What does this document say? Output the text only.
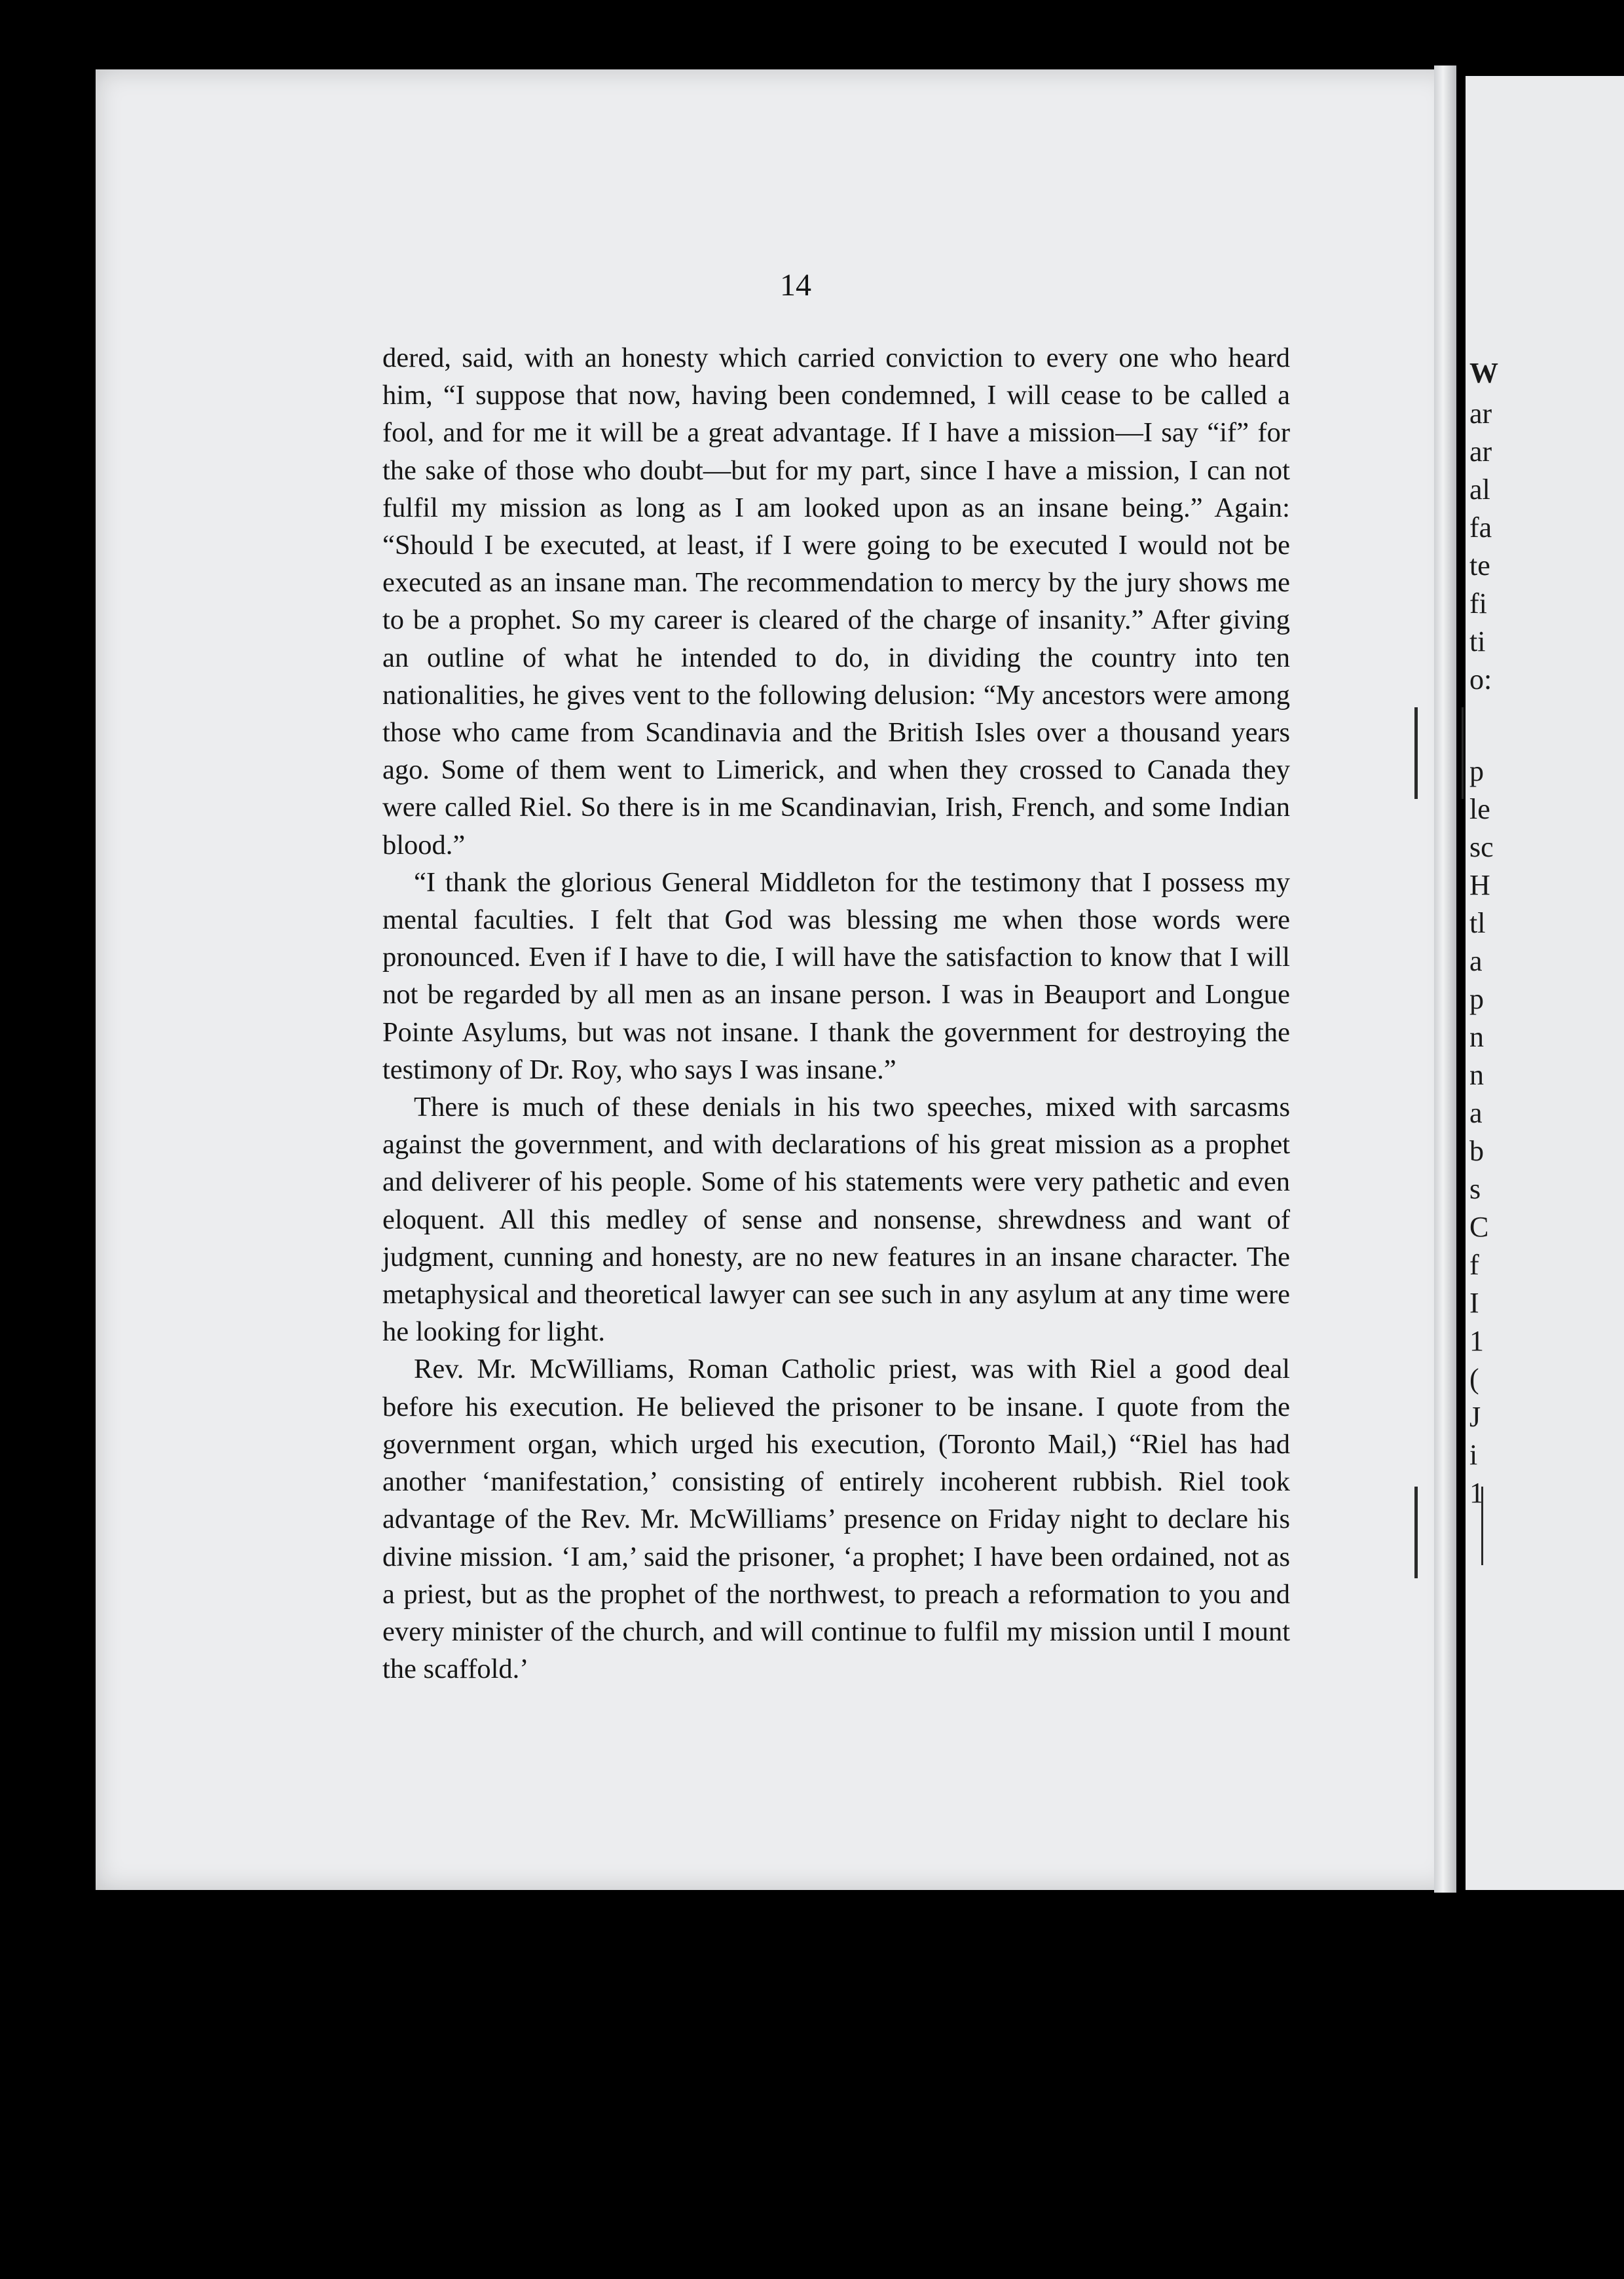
W
ar
ar
al
fa
te
fi
ti
o:
p
le
sc
H
tl
a
p
n
n
a
b
s
C
f
I
1
(
J
i
1
14

dered, said, with an honesty which carried conviction to every one who heard him, “I suppose that now, having been condemned, I will cease to be called a fool, and for me it will be a great advantage. If I have a mission—I say “if” for the sake of those who doubt—but for my part, since I have a mission, I can not fulfil my mission as long as I am looked upon as an insane being.” Again: “Should I be executed, at least, if I were going to be executed I would not be executed as an insane man. The recommendation to mercy by the jury shows me to be a prophet. So my career is cleared of the charge of insanity.” After giving an outline of what he intended to do, in dividing the country into ten nationalities, he gives vent to the following delusion: “My ancestors were among those who came from Scandinavia and the British Isles over a thousand years ago. Some of them went to Limerick, and when they crossed to Canada they were called Riel. So there is in me Scandinavian, Irish, French, and some Indian blood.”

“I thank the glorious General Middleton for the testimony that I possess my mental faculties. I felt that God was blessing me when those words were pronounced. Even if I have to die, I will have the satisfaction to know that I will not be regarded by all men as an insane person. I was in Beauport and Longue Pointe Asylums, but was not insane. I thank the government for destroying the testimony of Dr. Roy, who says I was insane.”

There is much of these denials in his two speeches, mixed with sarcasms against the government, and with declarations of his great mission as a prophet and deliverer of his people. Some of his statements were very pathetic and even eloquent. All this medley of sense and nonsense, shrewdness and want of judgment, cunning and honesty, are no new features in an insane character. The metaphysical and theoretical lawyer can see such in any asylum at any time were he looking for light.

Rev. Mr. McWilliams, Roman Catholic priest, was with Riel a good deal before his execution. He believed the prisoner to be insane. I quote from the government organ, which urged his execution, (Toronto Mail,) “Riel has had another ‘manifestation,’ consisting of entirely incoherent rubbish. Riel took advantage of the Rev. Mr. McWilliams’ presence on Friday night to declare his divine mission. ‘I am,’ said the prisoner, ‘a prophet; I have been ordained, not as a priest, but as the prophet of the northwest, to preach a reformation to you and every minister of the church, and will continue to fulfil my mission until I mount the scaffold.’
